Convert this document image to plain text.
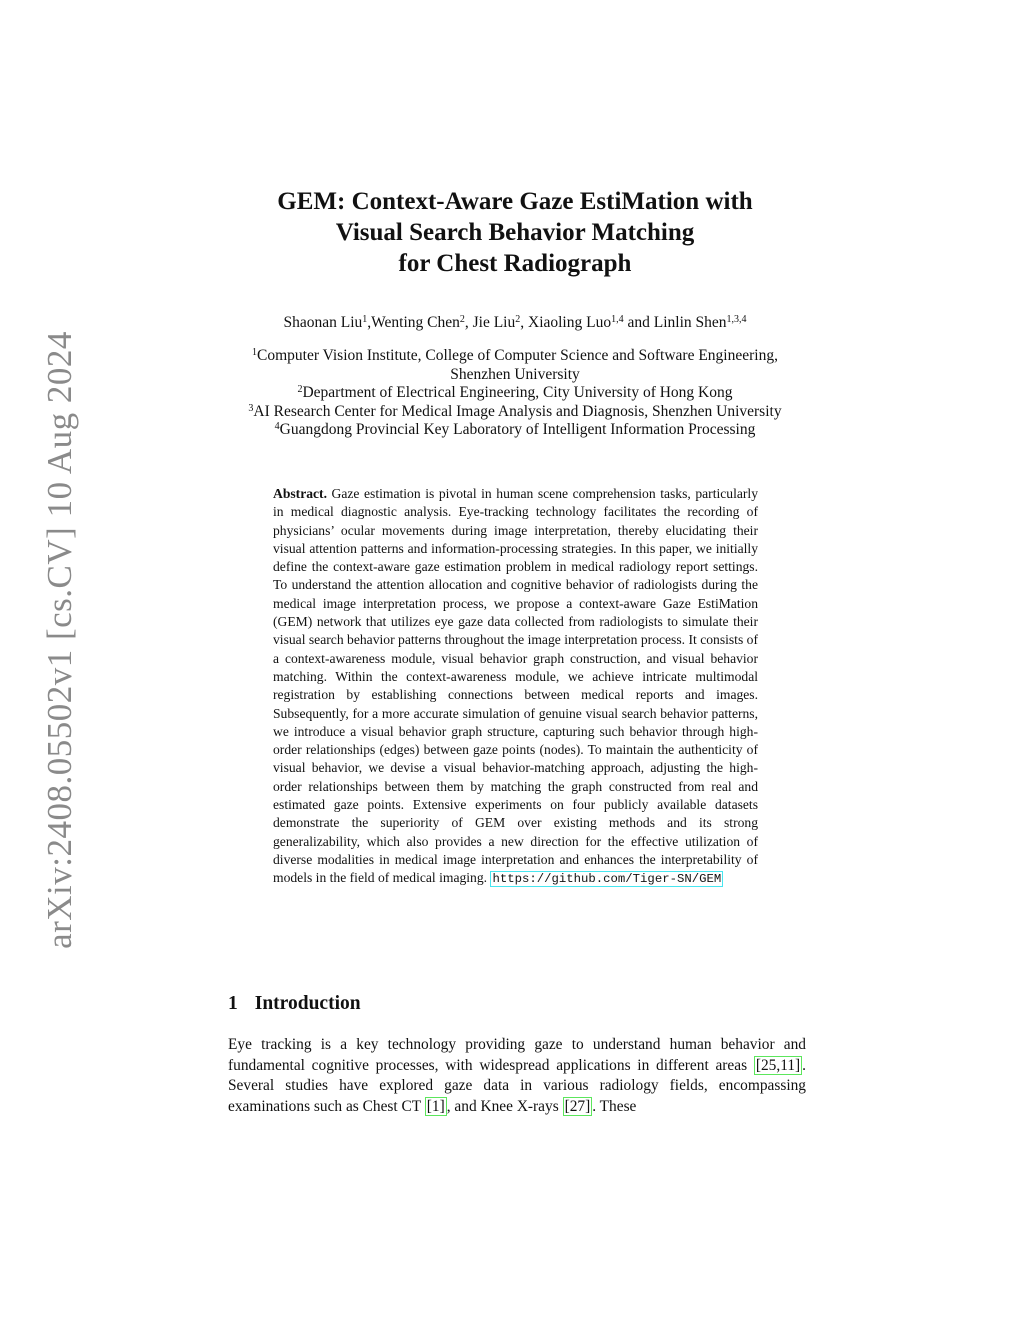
arXiv:2408.05502v1 [cs.CV] 10 Aug 2024
GEM: Context-Aware Gaze EstiMation with
Visual Search Behavior Matching
for Chest Radiograph
Shaonan Liu$^1$,Wenting Chen$^2$, Jie Liu$^2$, Xiaoling Luo$^{1,4}$ and Linlin Shen$^{1,3,4}$
$^1$Computer Vision Institute, College of Computer Science and Software Engineering,
Shenzhen University
$^2$Department of Electrical Engineering, City University of Hong Kong
$^3$AI Research Center for Medical Image Analysis and Diagnosis, Shenzhen University
$^4$Guangdong Provincial Key Laboratory of Intelligent Information Processing
Abstract. Gaze estimation is pivotal in human scene comprehension tasks, particularly in medical diagnostic analysis. Eye-tracking technology facilitates the recording of physicians’ ocular movements during image interpretation, thereby elucidating their visual attention patterns and information-processing strategies. In this paper, we initially define the context-aware gaze estimation problem in medical radiology report settings. To understand the attention allocation and cognitive behavior of radiologists during the medical image interpretation process, we propose a context-aware Gaze EstiMation (GEM) network that utilizes eye gaze data collected from radiologists to simulate their visual search behavior patterns throughout the image interpretation process. It consists of a context-awareness module, visual behavior graph construction, and visual behavior matching. Within the context-awareness module, we achieve intricate multimodal registration by establishing connections between medical reports and images. Subsequently, for a more accurate simulation of genuine visual search behavior patterns, we introduce a visual behavior graph structure, capturing such behavior through high-order relationships (edges) between gaze points (nodes). To maintain the authenticity of visual behavior, we devise a visual behavior-matching approach, adjusting the high-order relationships between them by matching the graph constructed from real and estimated gaze points. Extensive experiments on four publicly available datasets demonstrate the superiority of GEM over existing methods and its strong generalizability, which also provides a new direction for the effective utilization of diverse modalities in medical image interpretation and enhances the interpretability of models in the field of medical imaging. https://github.com/Tiger-SN/GEM
1 Introduction
Eye tracking is a key technology providing gaze to understand human behavior and fundamental cognitive processes, with widespread applications in different areas [25,11] . Several studies have explored gaze data in various radiology fields, encompassing examinations such as Chest CT [1] , and Knee X-rays [27] . These
